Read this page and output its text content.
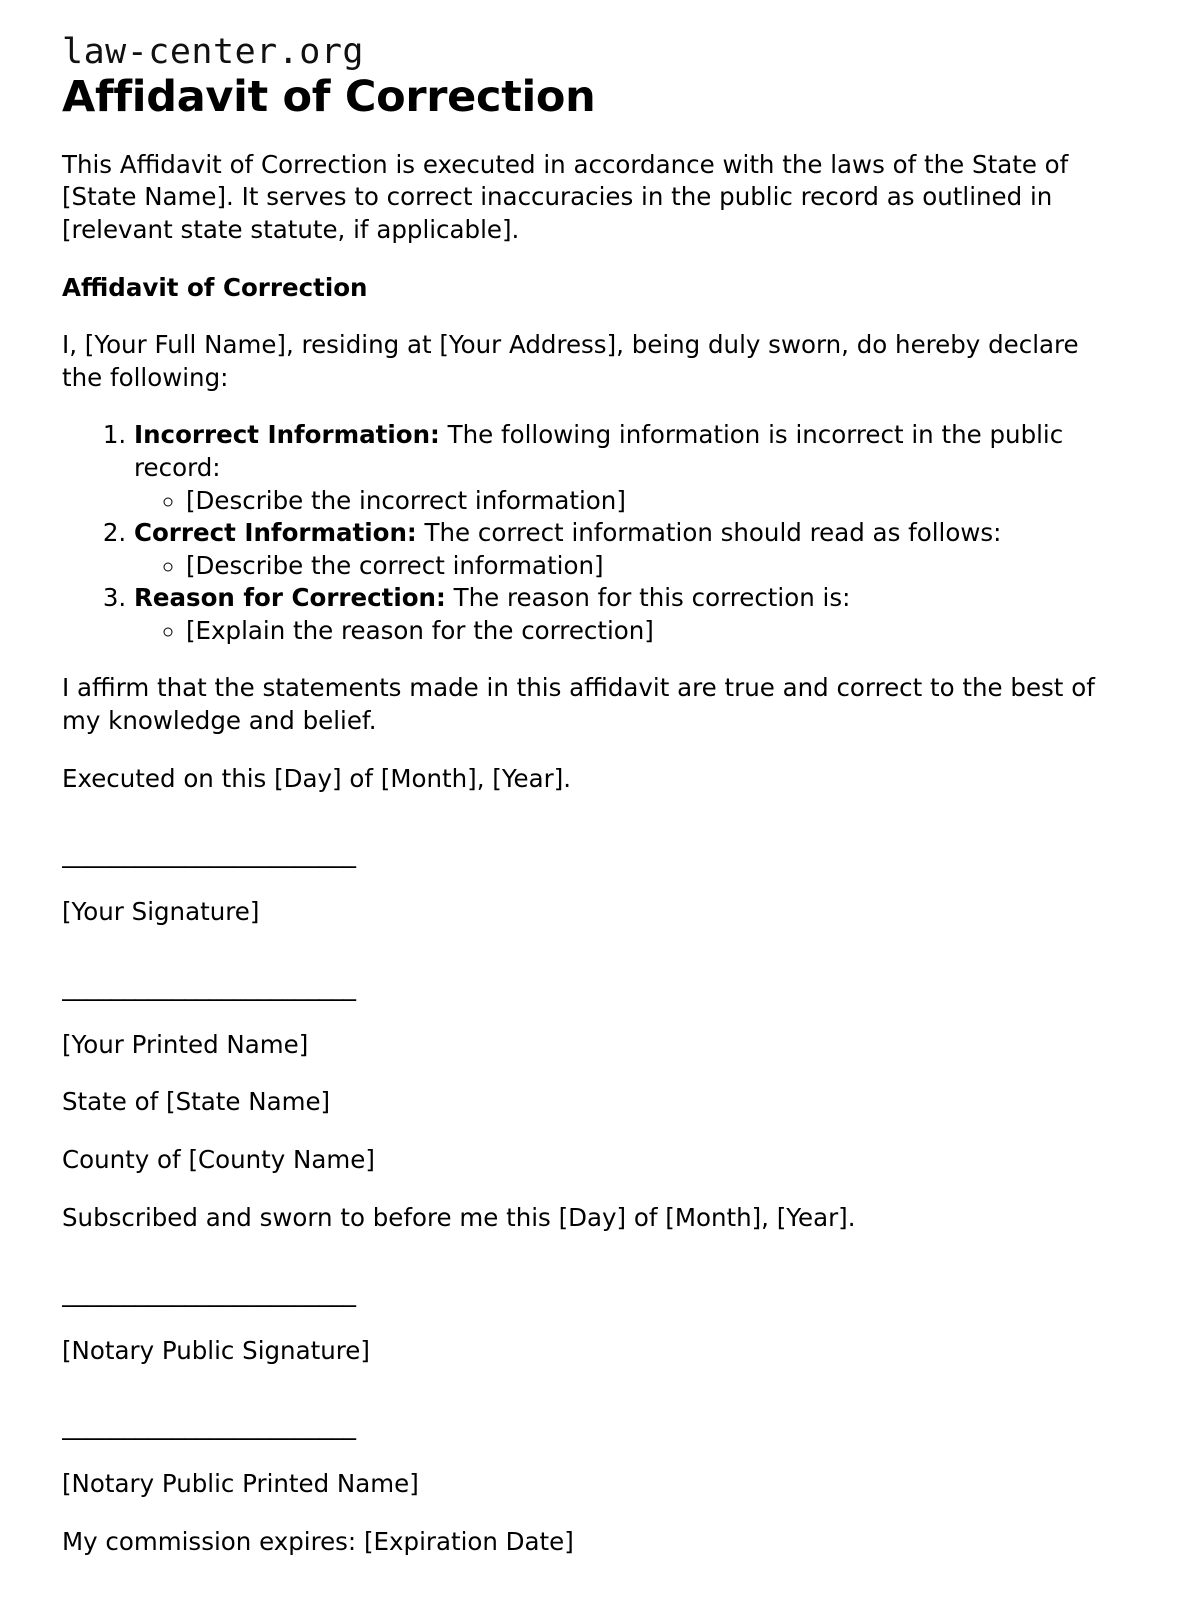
law-center.org
Affidavit of Correction

This Affidavit of Correction is executed in accordance with the laws of the State of [State Name]. It serves to correct inaccuracies in the public record as outlined in [relevant state statute, if applicable].

Affidavit of Correction

I, [Your Full Name], residing at [Your Address], being duly sworn, do hereby declare the following:

1. Incorrect Information: The following information is incorrect in the public record:
◦ [Describe the incorrect information]
2. Correct Information: The correct information should read as follows:
◦ [Describe the correct information]
3. Reason for Correction: The reason for this correction is:
◦ [Explain the reason for the correction]

I affirm that the statements made in this affidavit are true and correct to the best of my knowledge and belief.

Executed on this [Day] of [Month], [Year].

________________________

[Your Signature]

________________________

[Your Printed Name]

State of [State Name]

County of [County Name]

Subscribed and sworn to before me this [Day] of [Month], [Year].

________________________

[Notary Public Signature]

________________________

[Notary Public Printed Name]

My commission expires: [Expiration Date]
